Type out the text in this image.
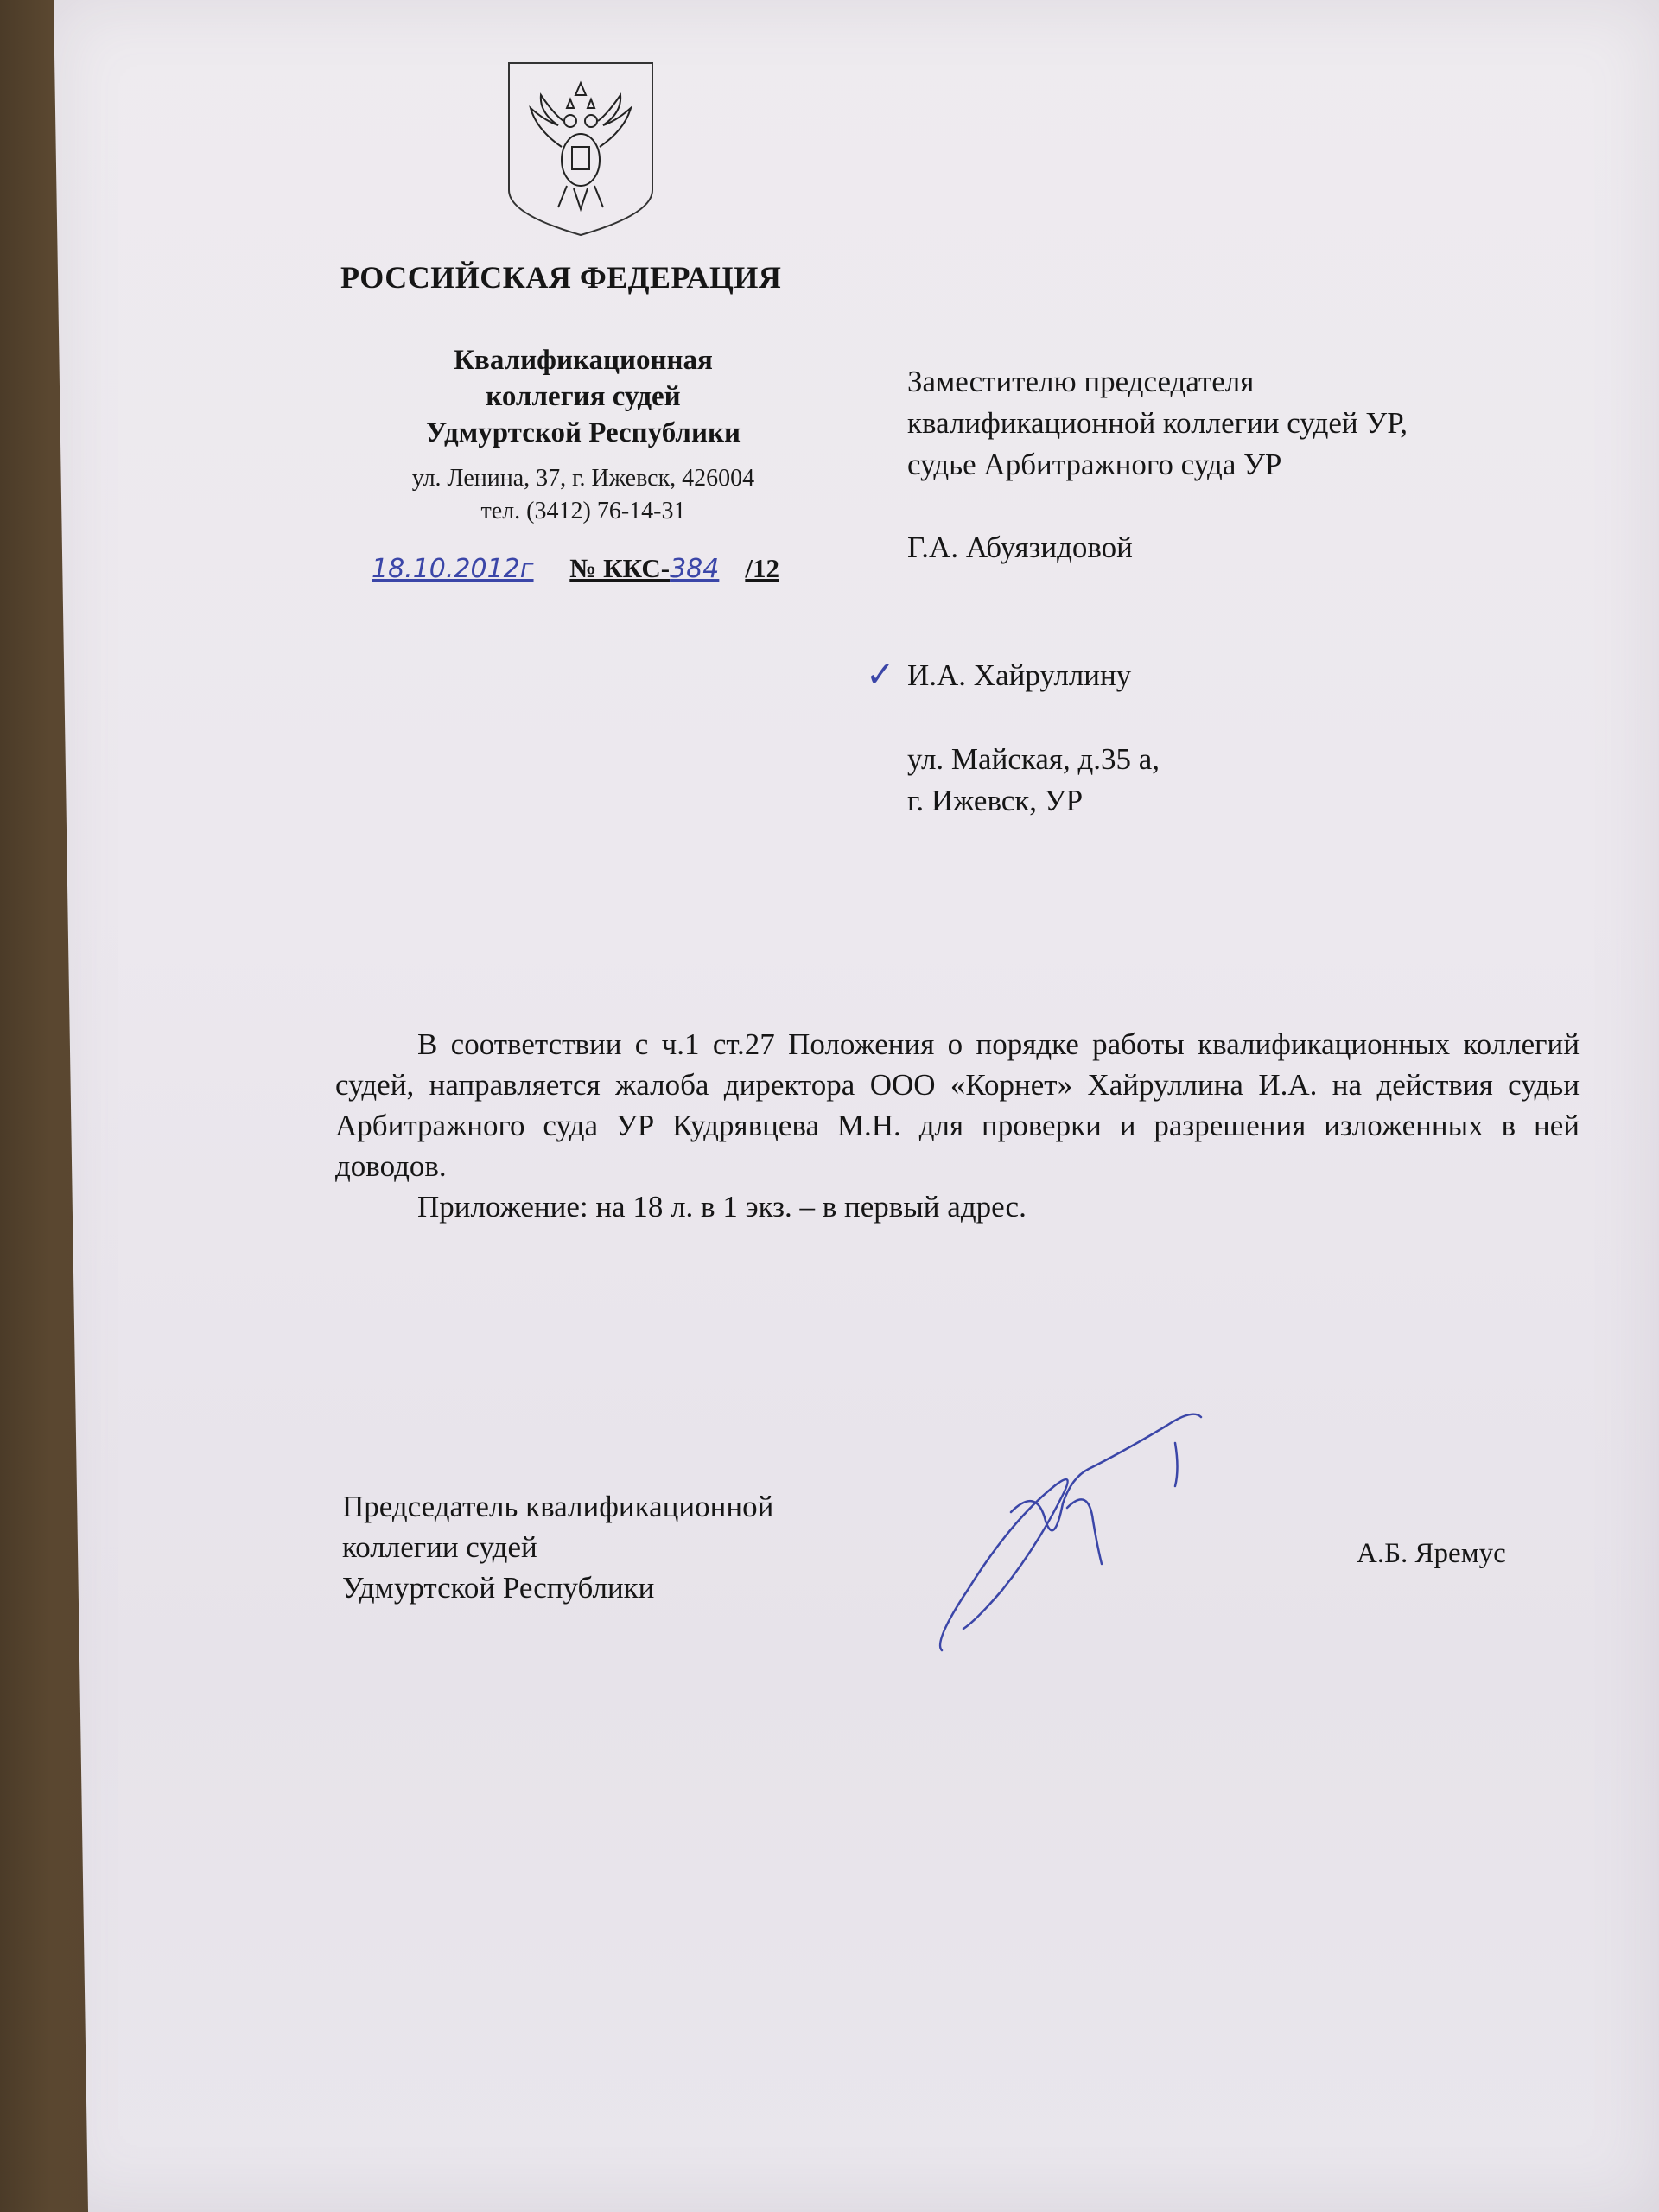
РОССИЙСКАЯ ФЕДЕРАЦИЯ
Квалификационная
коллегия судей
Удмуртской Республики
ул. Ленина, 37, г. Ижевск, 426004
тел. (3412) 76-14-31
18.10.2012г № ККС-384 /12
Заместителю председателя
квалификационной коллегии судей УР,
судье Арбитражного суда УР
Г.А. Абуязидовой
✓ И.А. Хайруллину
ул. Майская, д.35 а,
г. Ижевск, УР

В соответствии с ч.1 ст.27 Положения о порядке работы квалификационных коллегий судей, направляется жалоба директора ООО «Корнет» Хайруллина И.А. на действия судьи Арбитражного суда УР Кудрявцева М.Н. для проверки и разрешения изложенных в ней доводов.

Приложение: на 18 л. в 1 экз. – в первый адрес.

Председатель квалификационной
коллегии судей
Удмуртской Республики
А.Б. Яремус
